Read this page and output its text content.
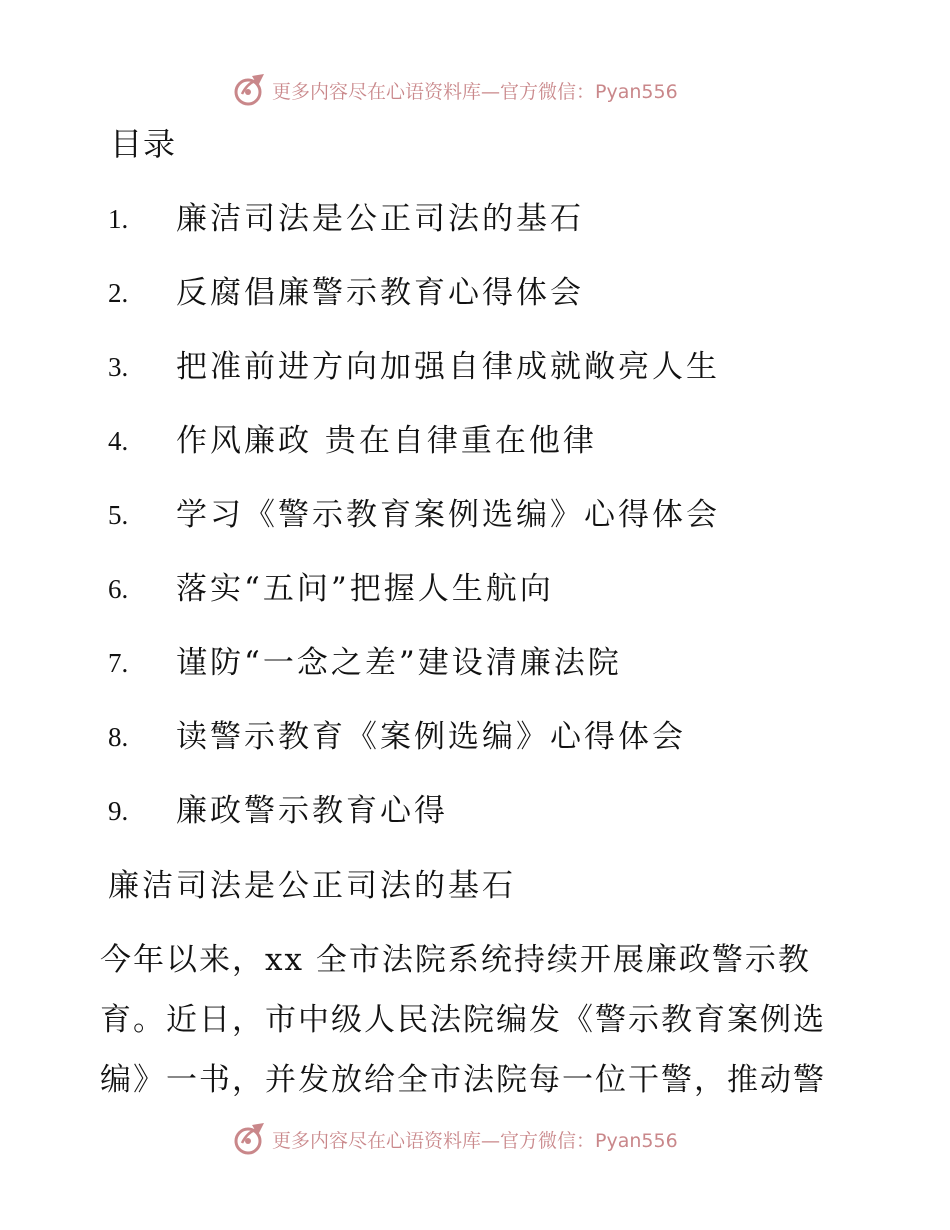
更多内容尽在心语资料库—官方微信：Pyan556
目录
1.	廉洁司法是公正司法的基石
2.	反腐倡廉警示教育心得体会
3.	把准前进方向加强自律成就敞亮人生
4.	作风廉政 贵在自律重在他律
5.	学习《警示教育案例选编》心得体会
6.	落实“五问”把握人生航向
7.	谨防“一念之差”建设清廉法院
8.	读警示教育《案例选编》心得体会
9.	廉政警示教育心得
廉洁司法是公正司法的基石
今年以来，xx 全市法院系统持续开展廉政警示教
育。近日，市中级人民法院编发《警示教育案例选
编》一书，并发放给全市法院每一位干警，推动警
更多内容尽在心语资料库—官方微信：Pyan556
